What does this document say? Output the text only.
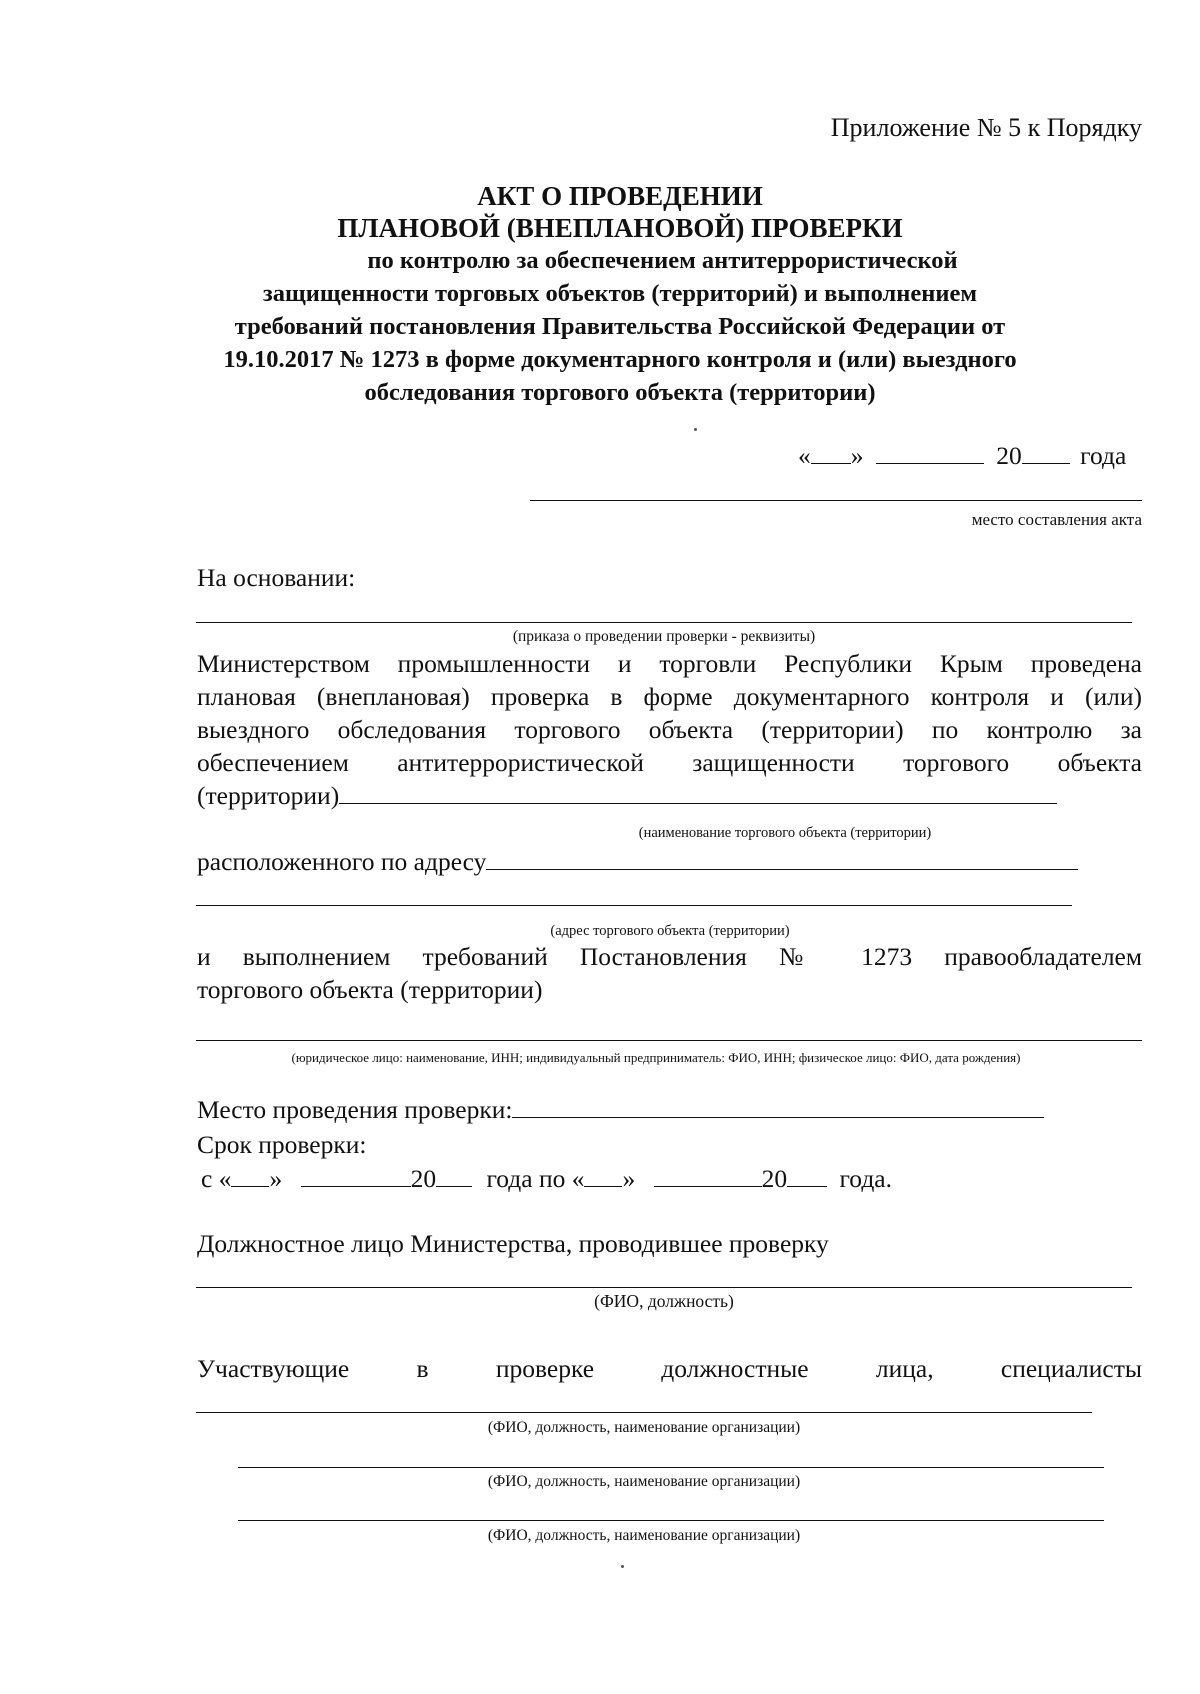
Приложение № 5 к Порядку
АКТ О ПРОВЕДЕНИИ
ПЛАНОВОЙ (ВНЕПЛАНОВОЙ) ПРОВЕРКИ
по контролю за обеспечением антитеррористической
защищенности торговых объектов (территорий) и выполнением
требований постановления Правительства Российской Федерации от
19.10.2017 № 1273 в форме документарного контроля и (или) выездного
обследования торгового объекта (территории)
« »	20 года
место составления акта
На основании:
(приказа о проведении проверки - реквизиты)
Министерством промышленности и торговли Республики Крым проведена
плановая (внеплановая) проверка в форме документарного контроля и (или)
выездного обследования торгового объекта (территории) по контролю за
обеспечением антитеррористической защищенности торгового объекта
(территории)
(наименование торгового объекта (территории)
расположенного по адресу
(адрес торгового объекта (территории)
и выполнением требований Постановления № 1273 правообладателем
торгового объекта (территории)
(юридическое лицо: наименование, ИНН; индивидуальный предприниматель: ФИО, ИНН; физическое лицо: ФИО, дата рождения)
Место проведения проверки:
Срок проверки:
с « »	20 года по « »	20 года.
Должностное лицо Министерства, проводившее проверку
(ФИО, должность)
Участвующие в проверке должностные лица, специалисты
(ФИО, должность, наименование организации)
(ФИО, должность, наименование организации)
(ФИО, должность, наименование организации)
